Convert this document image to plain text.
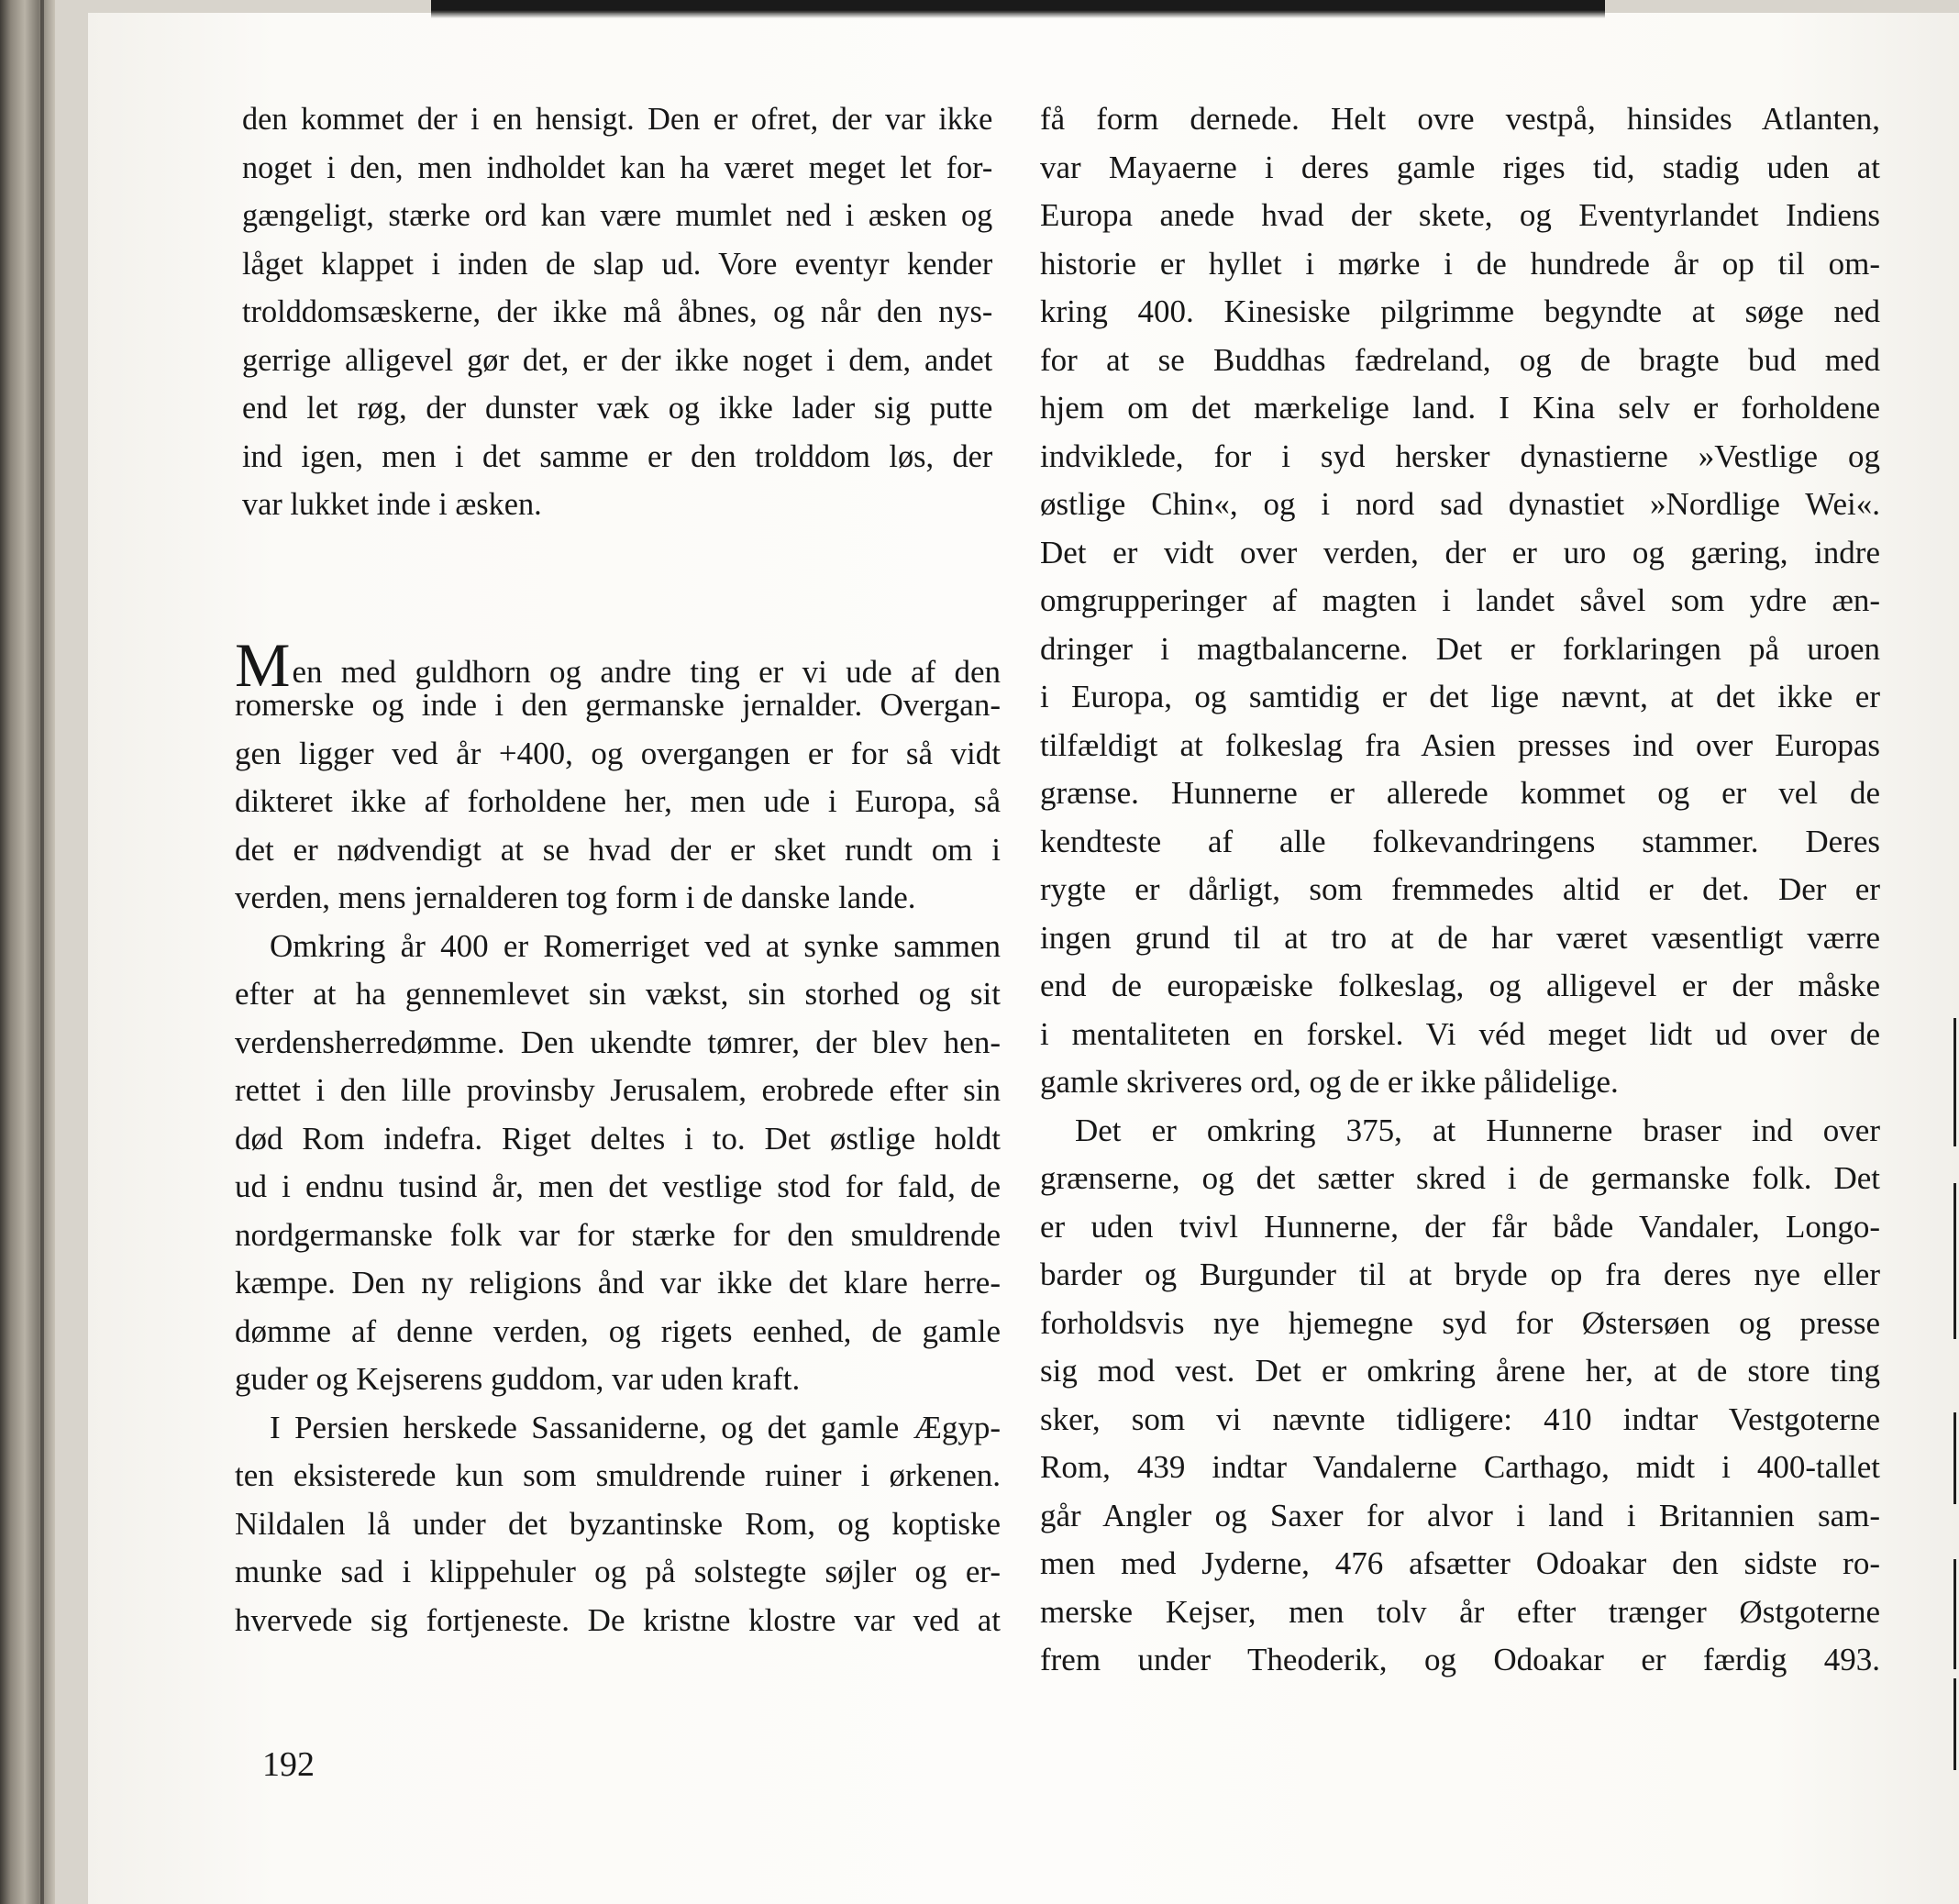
den kommet der i en hensigt. Den er ofret, der var ikke
noget i den, men indholdet kan ha været meget let for-
gængeligt, stærke ord kan være mumlet ned i æsken og
låget klappet i inden de slap ud. Vore eventyr kender
trolddomsæskerne, der ikke må åbnes, og når den nys-
gerrige alligevel gør det, er der ikke noget i dem, andet
end let røg, der dunster væk og ikke lader sig putte
ind igen, men i det samme er den trolddom løs, der
var lukket inde i æsken.
Men med guldhorn og andre ting er vi ude af den
romerske og inde i den germanske jernalder. Overgan-
gen ligger ved år +400, og overgangen er for så vidt
dikteret ikke af forholdene her, men ude i Europa, så
det er nødvendigt at se hvad der er sket rundt om i
verden, mens jernalderen tog form i de danske lande.
Omkring år 400 er Romerriget ved at synke sammen
efter at ha gennemlevet sin vækst, sin storhed og sit
verdensherredømme. Den ukendte tømrer, der blev hen-
rettet i den lille provinsby Jerusalem, erobrede efter sin
død Rom indefra. Riget deltes i to. Det østlige holdt
ud i endnu tusind år, men det vestlige stod for fald, de
nordgermanske folk var for stærke for den smuldrende
kæmpe. Den ny religions ånd var ikke det klare herre-
dømme af denne verden, og rigets eenhed, de gamle
guder og Kejserens guddom, var uden kraft.
I Persien herskede Sassaniderne, og det gamle Ægyp-
ten eksisterede kun som smuldrende ruiner i ørkenen.
Nildalen lå under det byzantinske Rom, og koptiske
munke sad i klippehuler og på solstegte søjler og er-
hvervede sig fortjeneste. De kristne klostre var ved at
få form dernede. Helt ovre vestpå, hinsides Atlanten,
var Mayaerne i deres gamle riges tid, stadig uden at
Europa anede hvad der skete, og Eventyrlandet Indiens
historie er hyllet i mørke i de hundrede år op til om-
kring 400. Kinesiske pilgrimme begyndte at søge ned
for at se Buddhas fædreland, og de bragte bud med
hjem om det mærkelige land. I Kina selv er forholdene
indviklede, for i syd hersker dynastierne »Vestlige og
østlige Chin«, og i nord sad dynastiet »Nordlige Wei«.
Det er vidt over verden, der er uro og gæring, indre
omgrupperinger af magten i landet såvel som ydre æn-
dringer i magtbalancerne. Det er forklaringen på uroen
i Europa, og samtidig er det lige nævnt, at det ikke er
tilfældigt at folkeslag fra Asien presses ind over Europas
grænse. Hunnerne er allerede kommet og er vel de
kendteste af alle folkevandringens stammer. Deres
rygte er dårligt, som fremmedes altid er det. Der er
ingen grund til at tro at de har været væsentligt værre
end de europæiske folkeslag, og alligevel er der måske
i mentaliteten en forskel. Vi véd meget lidt ud over de
gamle skriveres ord, og de er ikke pålidelige.
Det er omkring 375, at Hunnerne braser ind over
grænserne, og det sætter skred i de germanske folk. Det
er uden tvivl Hunnerne, der får både Vandaler, Longo-
barder og Burgunder til at bryde op fra deres nye eller
forholdsvis nye hjemegne syd for Østersøen og presse
sig mod vest. Det er omkring årene her, at de store ting
sker, som vi nævnte tidligere: 410 indtar Vestgoterne
Rom, 439 indtar Vandalerne Carthago, midt i 400-tallet
går Angler og Saxer for alvor i land i Britannien sam-
men med Jyderne, 476 afsætter Odoakar den sidste ro-
merske Kejser, men tolv år efter trænger Østgoterne
frem under Theoderik, og Odoakar er færdig 493.
192
